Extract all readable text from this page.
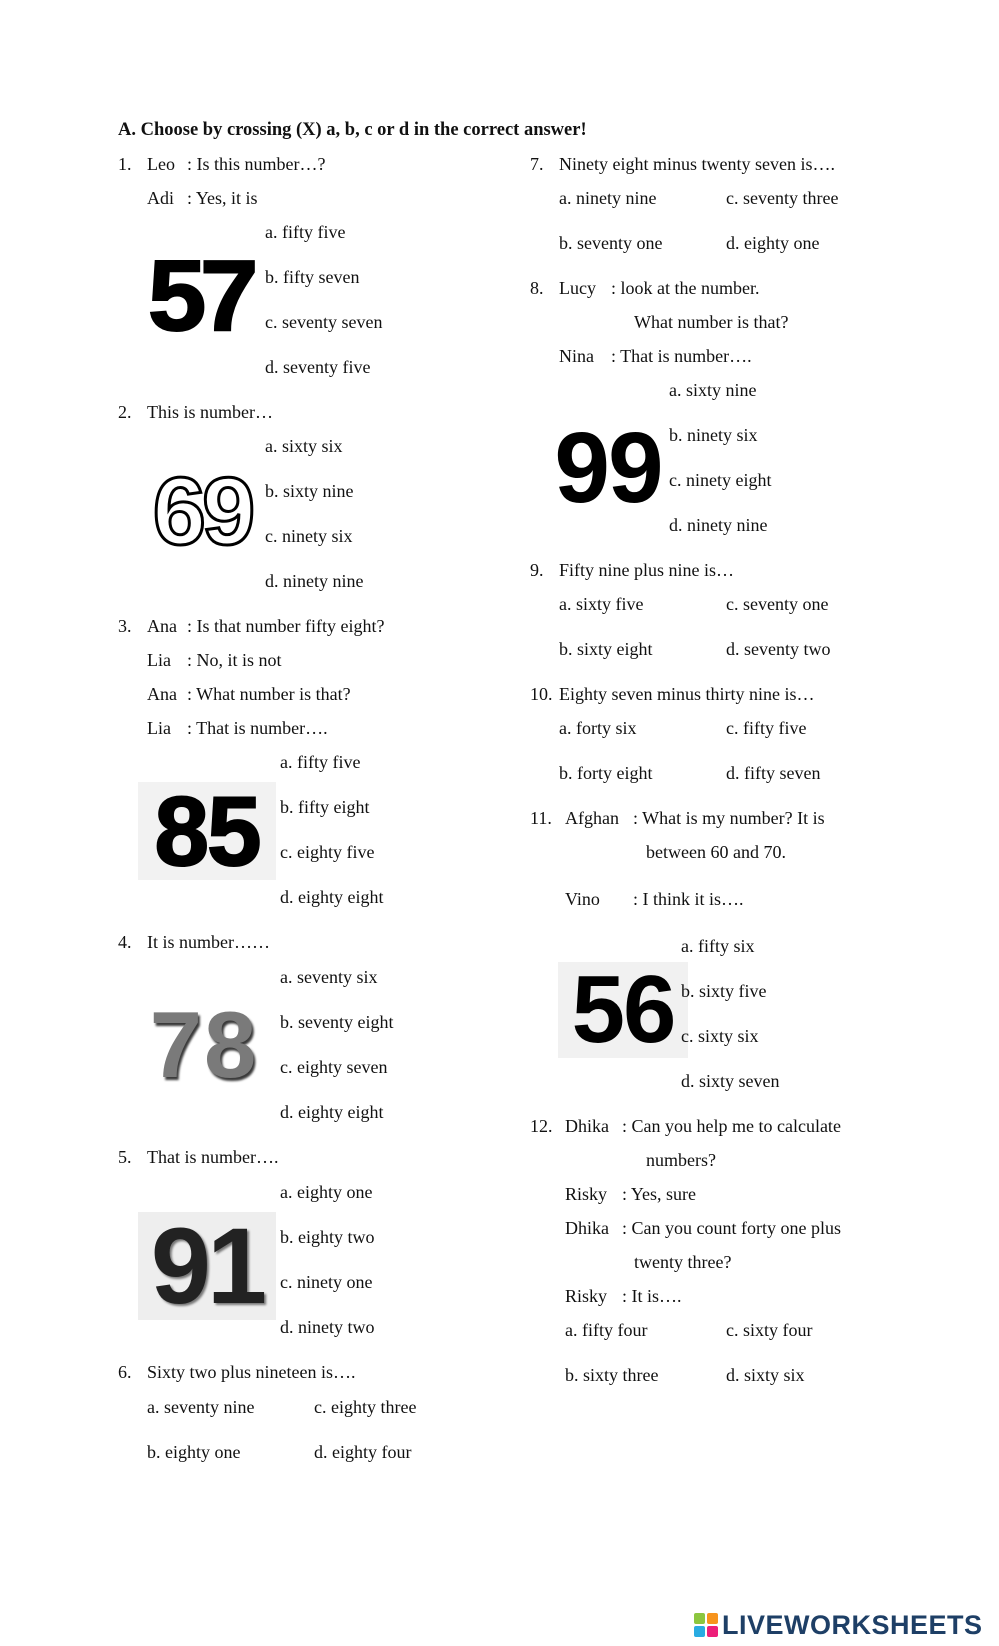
A. Choose by crossing (X) a, b, c or d in the correct answer!
1. Leo : Is this number…?
Adi : Yes, it is
57
a. fifty five
b. fifty seven
c. seventy seven
d. seventy five
2. This is number…
69
a. sixty six
b. sixty nine
c. ninety six
d. ninety nine
3. Ana : Is that number fifty eight?
Lia : No, it is not
Ana : What number is that?
Lia : That is number….
85
a. fifty five
b. fifty eight
c. eighty five
d. eighty eight
4. It is number……
78
a. seventy six
b. seventy eight
c. eighty seven
d. eighty eight
5. That is number….
91
a. eighty one
b. eighty two
c. ninety one
d. ninety two
6. Sixty two plus nineteen is….
a. seventy nine	c. eighty three
b. eighty one	d. eighty four
7. Ninety eight minus twenty seven is….
a. ninety nine	c. seventy three
b. seventy one	d. eighty one
8. Lucy : look at the number.
What number is that?
Nina : That is number….
99
a. sixty nine
b. ninety six
c. ninety eight
d. ninety nine
9. Fifty nine plus nine is…
a. sixty five	c. seventy one
b. sixty eight	d. seventy two
10. Eighty seven minus thirty nine is…
a. forty six	c. fifty five
b. forty eight	d. fifty seven
11. Afghan : What is my number? It is
between 60 and 70.
Vino : I think it is….
56
a. fifty six
b. sixty five
c. sixty six
d. sixty seven
12. Dhika : Can you help me to calculate
numbers?
Risky : Yes, sure
Dhika : Can you count forty one plus
twenty three?
Risky : It is….
a. fifty four	c. sixty four
b. sixty three	d. sixty six
LIVEWORKSHEETS
